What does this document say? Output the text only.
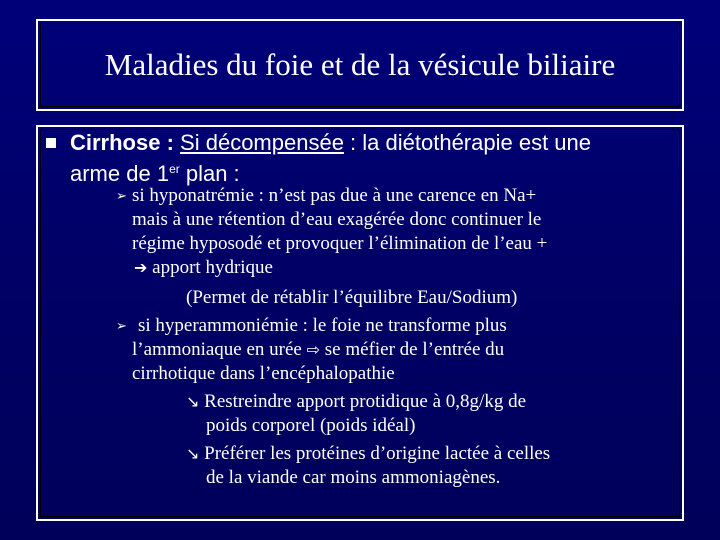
Maladies du foie et de la vésicule biliaire
Cirrhose : Si décompensée : la diétothérapie est une
arme de 1er plan :
➢ si hyponatrémie : n’est pas due à une carence en Na+
mais à une rétention d’eau exagérée donc continuer le
régime hyposodé et provoquer l’élimination de l’eau +
➔ apport hydrique
(Permet de rétablir l’équilibre Eau/Sodium)
➢ si hyperammoniémie : le foie ne transforme plus
l’ammoniaque en urée ⇨ se méfier de l’entrée du
cirrhotique dans l’encéphalopathie
↘ Restreindre apport protidique à 0,8g/kg de
poids corporel (poids idéal)
↘ Préférer les protéines d’origine lactée à celles
de la viande car moins ammoniagènes.
